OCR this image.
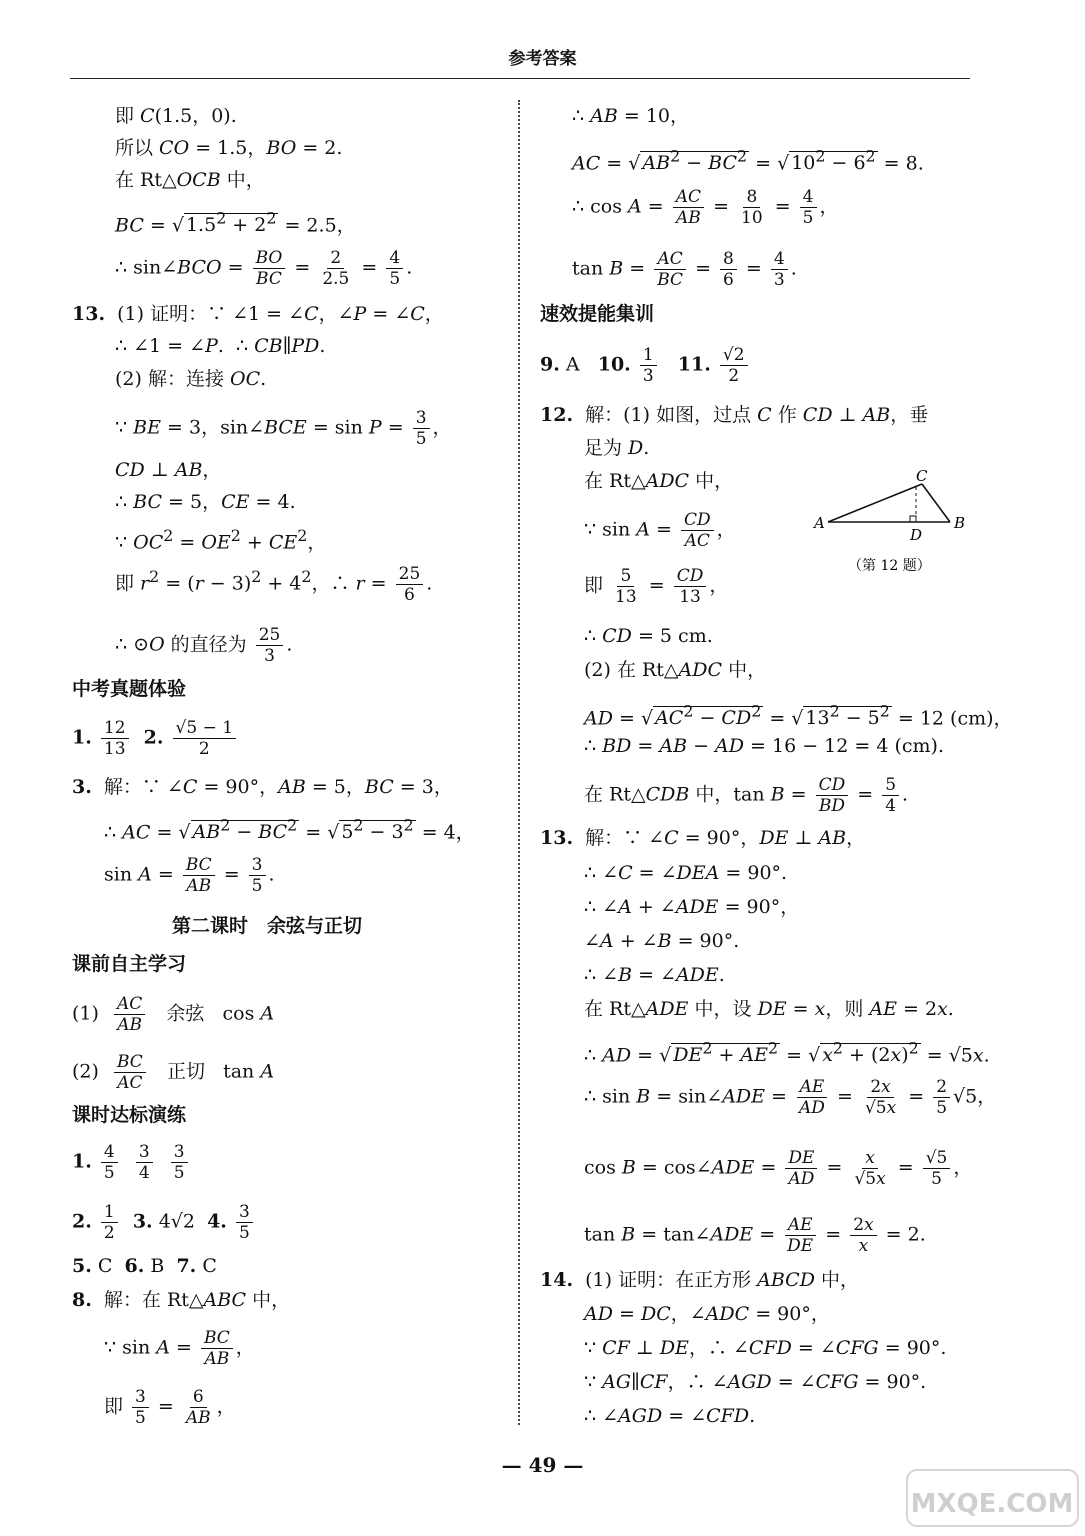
参考答案
即 C(1.5，0).
所以 CO = 1.5，BO = 2.
在 Rt△OCB 中，
BC = √ $1.5^2 + 2^2 = 2.5$，
∴ sin∠BCO = $\frac{BO}{BC} = \frac{2}{2.5} = \frac{4}{5}$ .
13.  (1) 证明：∵ ∠1 = ∠C，∠P = ∠C，
∴ ∠1 = ∠P.  ∴ CB∥PD.
(2) 解：连接 OC.
∵ BE = 3，sin∠BCE = $\sin P = \frac{3}{5}$ ，
CD ⊥ AB，
∴ BC = 5，CE = 4.
∵ $OC^2 = OE^2 + CE^2$，
即 $r^2 = (r - 3)^2 + 4^2$，∴ $r = \frac{25}{6}$ .
∴ ⊙O 的直径为 $\frac{25}{3}$ .
中考真题体验
1. $\frac{12}{13} 2$. $\frac{√5 - 1}{2}$
3.  解：∵ ∠C = 90°，AB = 5，BC = 3，
∴ AC = √ $AB^2 - BC^2$ = √ $5^2 - 3^2 = 4$，
$\sin A = \frac{BC}{AB} = \frac{3}{5}$ .
第二课时　余弦与正切
课前自主学习
$(1) \frac{AC}{AB}$ 余弦   cos A
$(2) \frac{BC}{AC}$ 正切   tan A
课时达标演练
1. $\frac{4}{5}$
$\frac{3}{4}$
$\frac{3}{5}$
2. $\frac{1}{2} 3$. 4√2  4. $\frac{3}{5}$
5. C  6. B  7. C
8.  解：在 Rt△ABC 中，
∵ $\sin A = \frac{BC}{AB}$ ，
即 $\frac{3}{5} = \frac{6}{AB}$ ，
∴ AB = 10，
AC = √ $AB^2 - BC^2$ = √ $10^2 - 6^2 = 8$.
∴ $\cos A = \frac{AC}{AB} = \frac{8}{10} = \frac{4}{5}$ ，
$\tan B = \frac{AC}{BC} = \frac{8}{6} = \frac{4}{3}$ .
速效提能集训
9. A   10. $\frac{1}{3} 11$. $\frac{√2}{2}$
12.  解：(1) 如图，过点 C 作 CD ⊥ AB，垂
足为 D.
在 Rt△ADC 中，
∵ $\sin A = \frac{CD}{AC}$ ，
即 $\frac{5}{13} = \frac{CD}{13}$ ，
∴ CD = 5 cm.
(2) 在 Rt△ADC 中，
AD = √ $AC^2 - CD^2$ = √ $13^2 - 5^2 = 12$ (cm)，
∴ BD = AB − AD = 16 − 12 = 4 (cm).
在 Rt△CDB 中，$\tan B = \frac{CD}{BD} = \frac{5}{4}$ .
13.  解：∵ ∠C = 90°，DE ⊥ AB，
∴ ∠C = ∠DEA = 90°.
∴ ∠A + ∠ADE = 90°，
∠A + ∠B = 90°.
∴ ∠B = ∠ADE.
在 Rt△ADE 中，设 DE = x，则 AE = 2x.
∴ AD = √ $DE^2 + AE^2$ = √ $x^2 + (2x)^2 = √5x$.
∴ sin B = sin∠ADE = $\frac{AE}{AD} = \frac{2x}{√5x} = \frac{2}{5} √5$，
cos B = cos∠ADE = $\frac{DE}{AD} = \frac{x}{√5x} = \frac{√5}{5}$ ，
tan B = tan∠ADE = $\frac{AE}{DE} = \frac{2x}{x} = 2$.
14.  (1) 证明：在正方形 ABCD 中，
AD = DC，∠ADC = 90°，
∵ CF ⊥ DE，∴ ∠CFD = ∠CFG = 90°.
∵ AG∥CF，∴ ∠AGD = ∠CFG = 90°.
∴ ∠AGD = ∠CFD.
C
A
D
B
（第 12 题）
— 49 —
MXQE.COM
